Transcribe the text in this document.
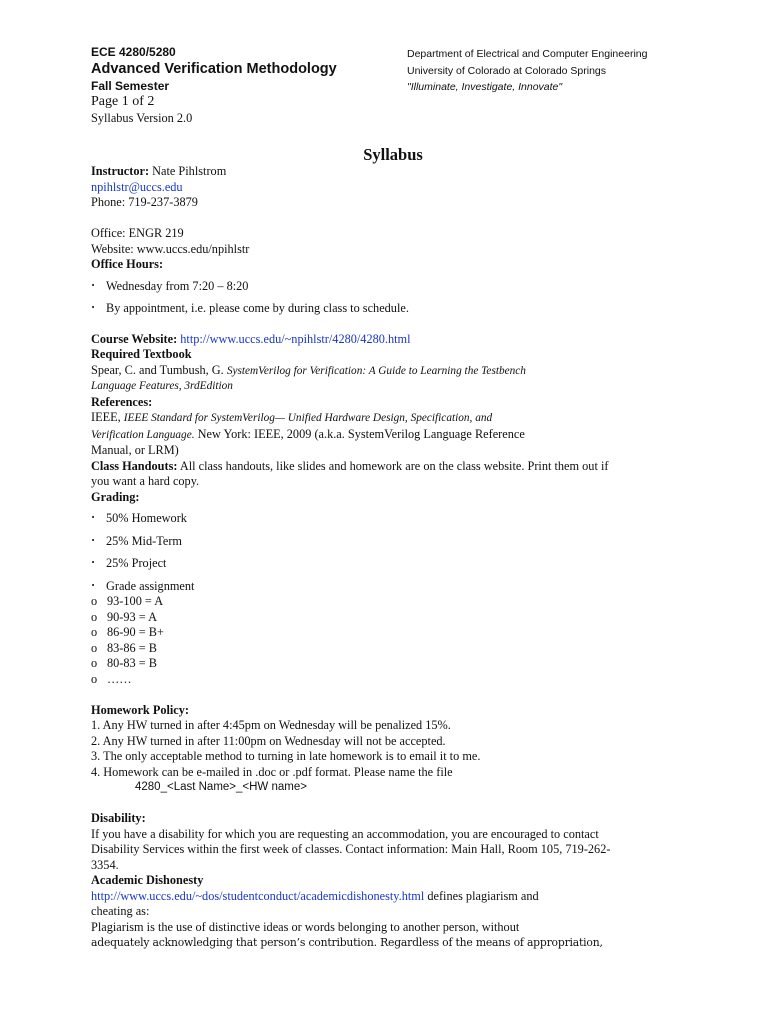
ECE 4280/5280
Advanced Verification Methodology
Fall Semester
Page 1 of 2
Syllabus Version 2.0
Department of Electrical and Computer Engineering
University of Colorado at Colorado Springs
"Illuminate, Investigate, Innovate"
Syllabus

Instructor: Nate Pihlstrom

npihlstr@uccs.edu

Phone: 719-237-3879

Office: ENGR 219

Website: www.uccs.edu/npihlstr

Office Hours:

· Wednesday from 7:20 – 8:20
· By appointment, i.e. please come by during class to schedule.

Course Website: http://www.uccs.edu/~npihlstr/4280/4280.html

Required Textbook

Spear, C. and Tumbush, G. SystemVerilog for Verification: A Guide to Learning the Testbench

Language Features, 3rdEdition

References:

IEEE, IEEE Standard for SystemVerilog— Unified Hardware Design, Specification, and

Verification Language. New York: IEEE, 2009 (a.k.a. SystemVerilog Language Reference

Manual, or LRM)

Class Handouts: All class handouts, like slides and homework are on the class website. Print them out if

you want a hard copy.

Grading:

· 50% Homework
· 25% Mid-Term
· 25% Project
· Grade assignment
o 93-100 = A
o 90-93 = A
o 86-90 = B+
o 83-86 = B
o 80-83 = B
o ……

Homework Policy:

1. Any HW turned in after 4:45pm on Wednesday will be penalized 15%.

2. Any HW turned in after 11:00pm on Wednesday will not be accepted.

3. The only acceptable method to turning in late homework is to email it to me.

4. Homework can be e-mailed in .doc or .pdf format. Please name the file

4280_<Last Name>_<HW name>

Disability:

If you have a disability for which you are requesting an accommodation, you are encouraged to contact

Disability Services within the first week of classes. Contact information: Main Hall, Room 105, 719-262-

3354.

Academic Dishonesty

http://www.uccs.edu/~dos/studentconduct/academicdishonesty.html defines plagiarism and

cheating as:

Plagiarism is the use of distinctive ideas or words belonging to another person, without

adequately acknowledging that person’s contribution. Regardless of the means of appropriation,
